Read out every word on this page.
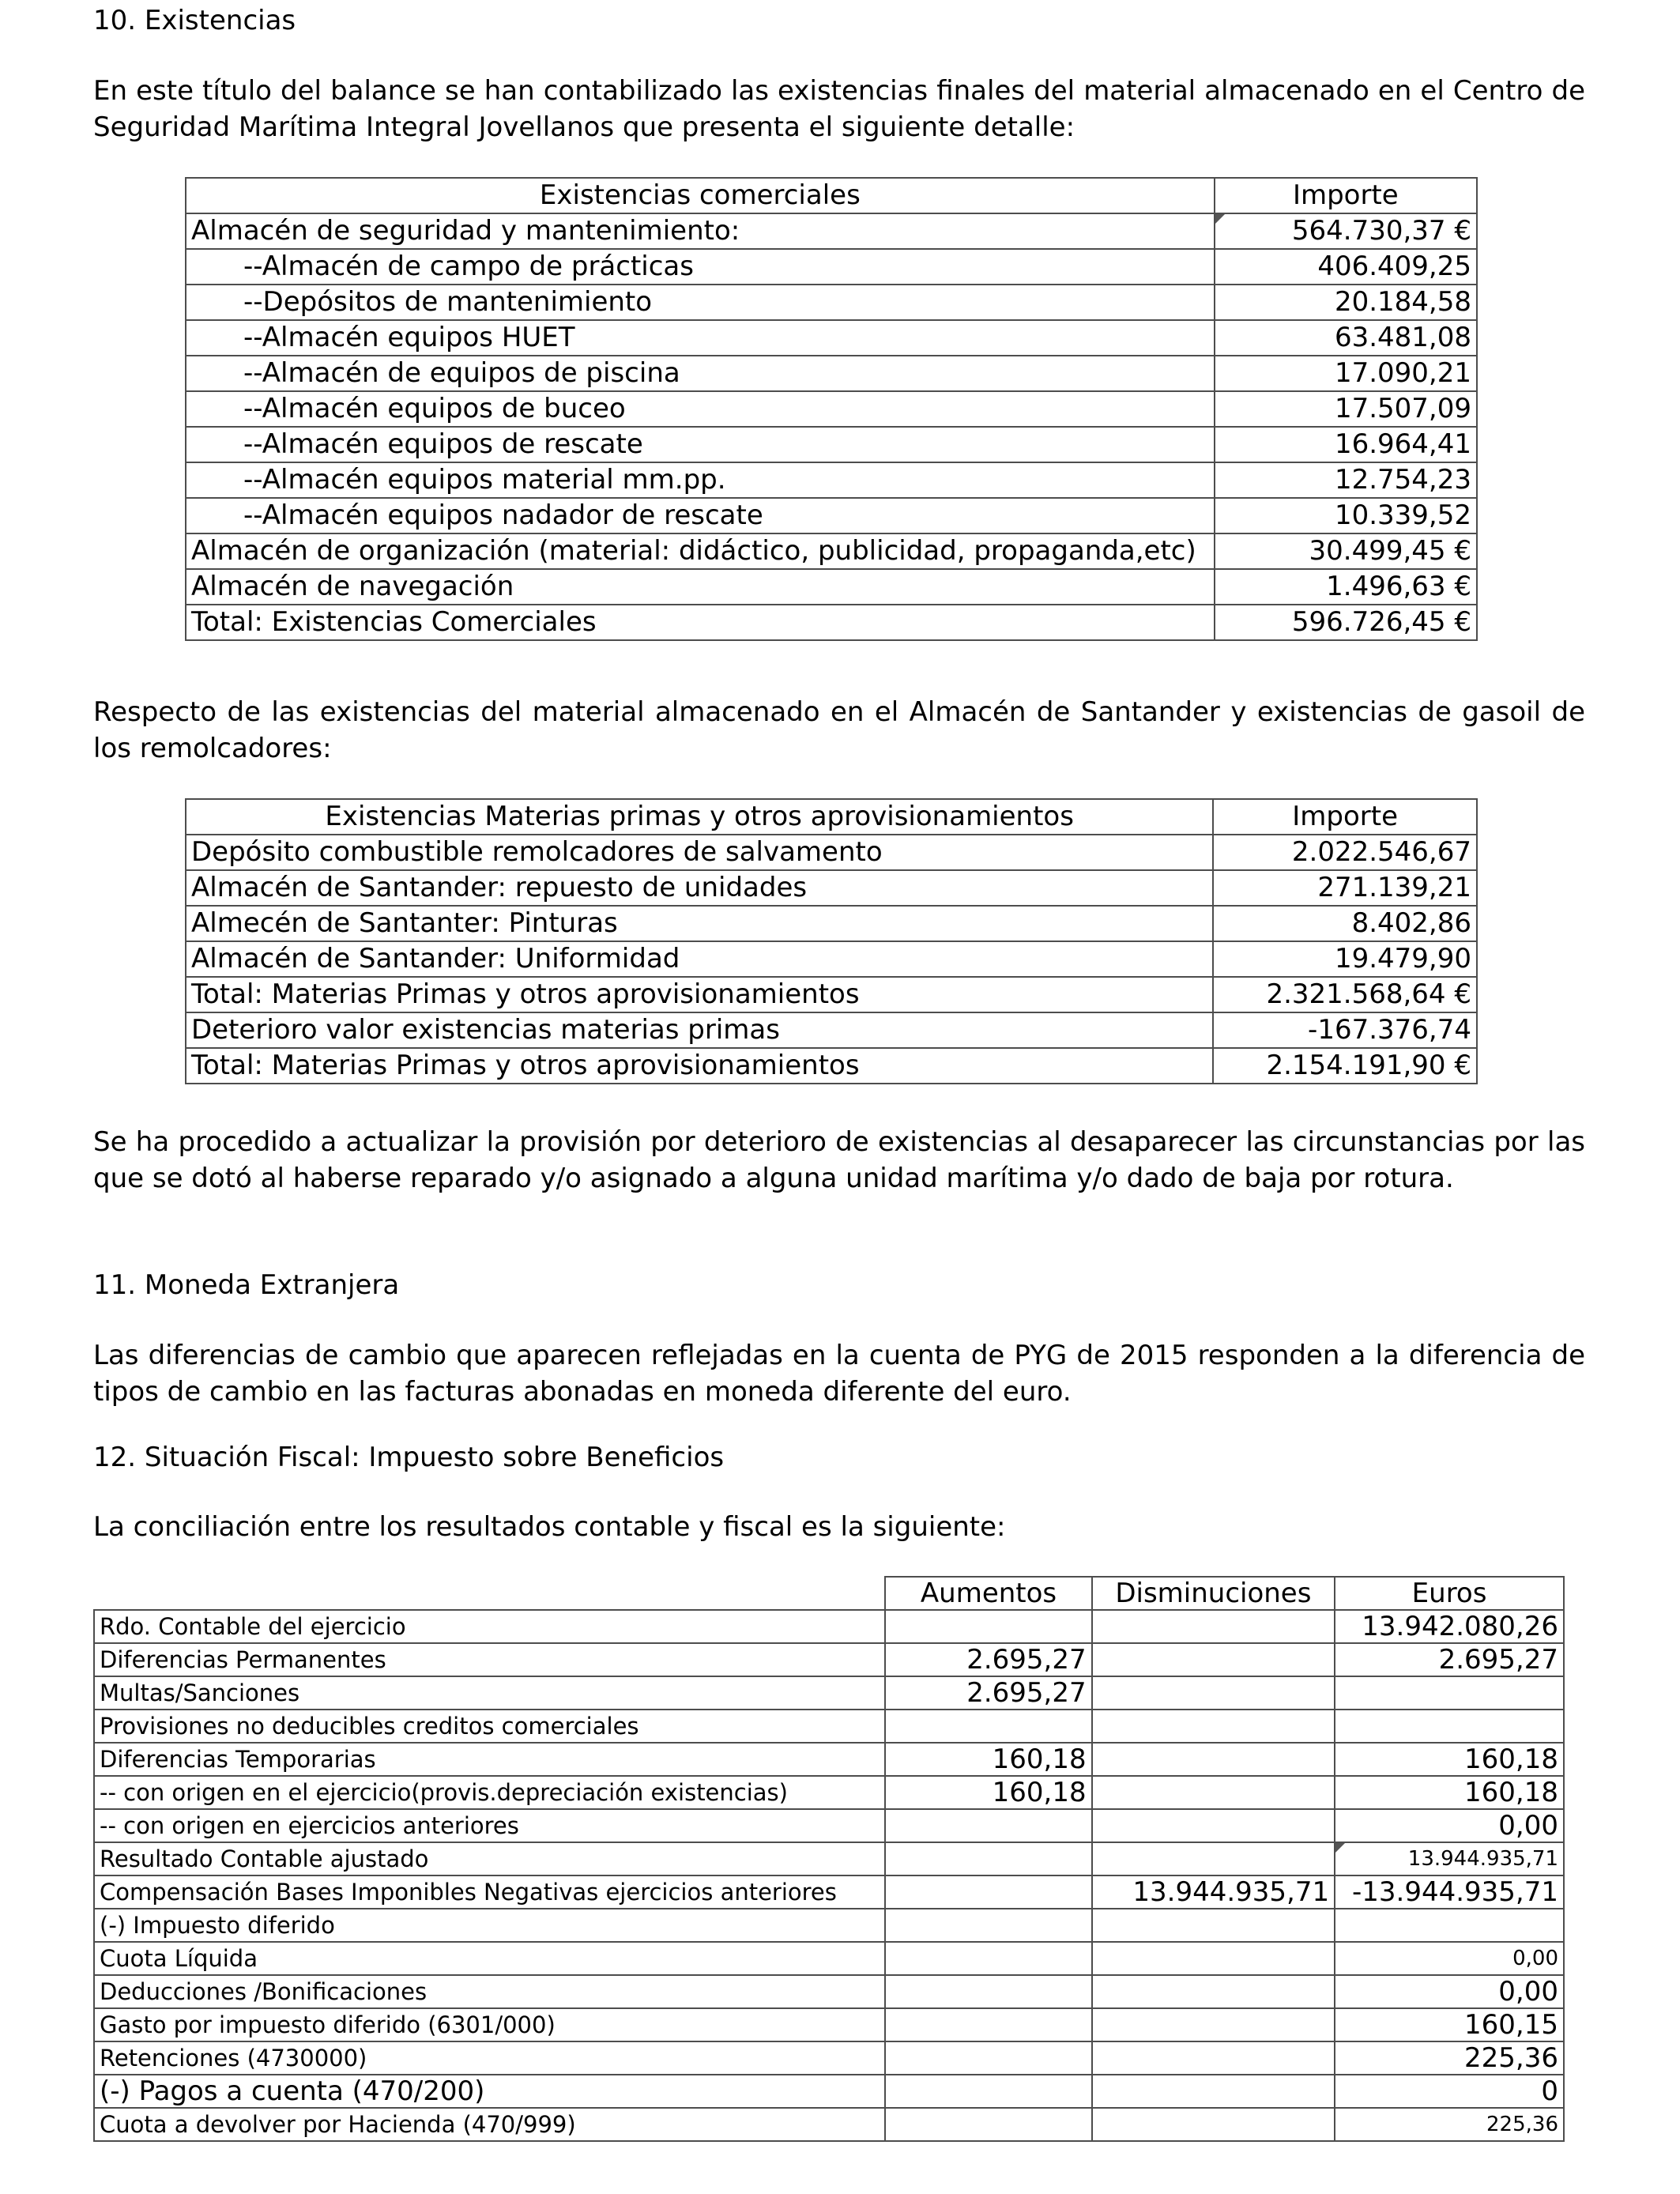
10. Existencias
En este título del balance se han contabilizado las existencias finales del material almacenado en el Centro de Seguridad Marítima Integral Jovellanos que presenta el siguiente detalle:
Existencias comerciales	Importe
Almacén de seguridad y mantenimiento:	564.730,37 €
--Almacén de campo de prácticas	406.409,25
--Depósitos de mantenimiento	20.184,58
--Almacén equipos HUET	63.481,08
--Almacén de equipos de piscina	17.090,21
--Almacén equipos de buceo	17.507,09
--Almacén equipos de rescate	16.964,41
--Almacén equipos material mm.pp.	12.754,23
--Almacén equipos nadador de rescate	10.339,52
Almacén de organización (material: didáctico, publicidad, propaganda,etc)	30.499,45 €
Almacén de navegación	1.496,63 €
Total: Existencias Comerciales	596.726,45 €
Respecto de las existencias del material almacenado en el Almacén de Santander y existencias de gasoil de los remolcadores:
Existencias Materias primas y otros aprovisionamientos	Importe
Depósito combustible remolcadores de salvamento	2.022.546,67
Almacén de Santander: repuesto de unidades	271.139,21
Almecén de Santanter: Pinturas	8.402,86
Almacén de Santander: Uniformidad	19.479,90
Total: Materias Primas y otros aprovisionamientos	2.321.568,64 €
Deterioro valor existencias materias primas	-167.376,74
Total: Materias Primas y otros aprovisionamientos	2.154.191,90 €
Se ha procedido a actualizar la provisión por deterioro de existencias al desaparecer las circunstancias por las que se dotó al haberse reparado y/o asignado a alguna unidad marítima y/o dado de baja por rotura.
11. Moneda Extranjera
Las diferencias de cambio que aparecen reflejadas en la cuenta de PYG de 2015 responden a la diferencia de tipos de cambio en las facturas abonadas en moneda diferente del euro.
12. Situación Fiscal: Impuesto sobre Beneficios
La conciliación entre los resultados contable y fiscal es la siguiente:
	Aumentos	Disminuciones	Euros
Rdo. Contable del ejercicio			13.942.080,26
Diferencias Permanentes	2.695,27		2.695,27
Multas/Sanciones	2.695,27		
Provisiones no deducibles creditos comerciales			
Diferencias Temporarias	160,18		160,18
-- con origen en el ejercicio(provis.depreciación existencias)	160,18		160,18
-- con origen en ejercicios anteriores			0,00
Resultado Contable ajustado			13.944.935,71
Compensación Bases Imponibles Negativas ejercicios anteriores		13.944.935,71	-13.944.935,71
(-) Impuesto diferido			
Cuota Líquida			0,00
Deducciones /Bonificaciones			0,00
Gasto por impuesto diferido (6301/000)			160,15
Retenciones (4730000)			225,36
(-) Pagos a cuenta (470/200)			0
Cuota a devolver por Hacienda (470/999)			225,36
